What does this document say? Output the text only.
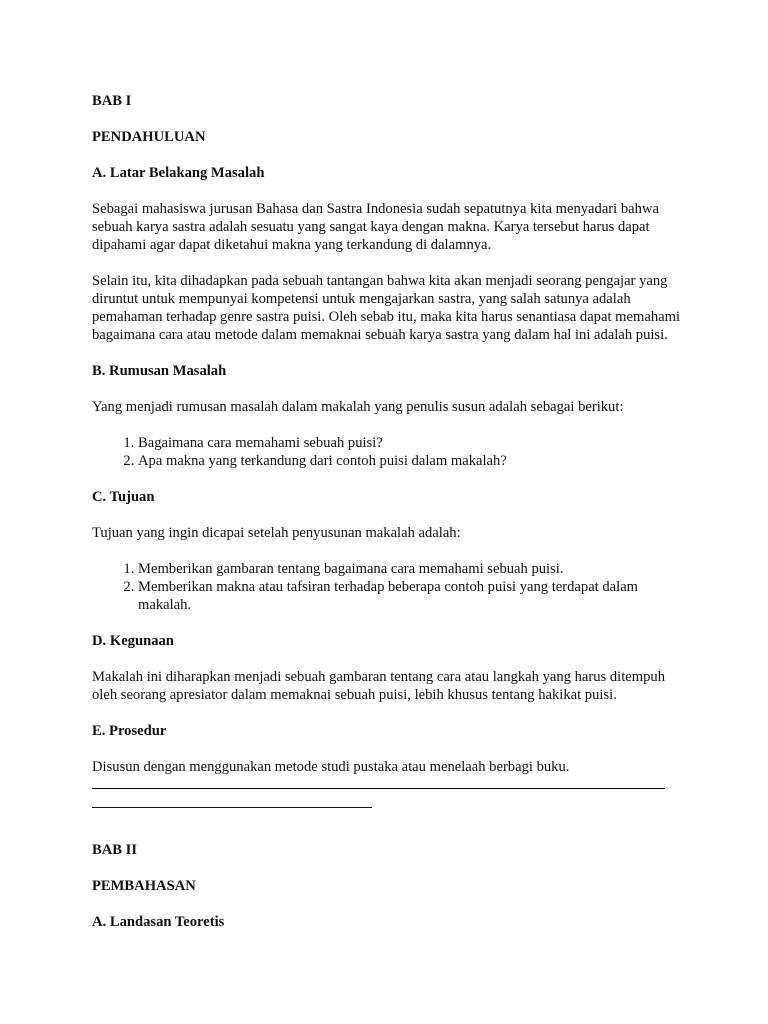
BAB I

PENDAHULUAN

A. Latar Belakang Masalah

Sebagai mahasiswa jurusan Bahasa dan Sastra Indonesia sudah sepatutnya kita menyadari bahwa sebuah karya sastra adalah sesuatu yang sangat kaya dengan makna. Karya tersebut harus dapat dipahami agar dapat diketahui makna yang terkandung di dalamnya.

Selain itu, kita dihadapkan pada sebuah tantangan bahwa kita akan menjadi seorang pengajar yang diruntut untuk mempunyai kompetensi untuk mengajarkan sastra, yang salah satunya adalah pemahaman terhadap genre sastra puisi. Oleh sebab itu, maka kita harus senantiasa dapat memahami bagaimana cara atau metode dalam memaknai sebuah karya sastra yang dalam hal ini adalah puisi.

B. Rumusan Masalah

Yang menjadi rumusan masalah dalam makalah yang penulis susun adalah sebagai berikut:

1. Bagaimana cara memahami sebuah puisi?
2. Apa makna yang terkandung dari contoh puisi dalam makalah?

C. Tujuan

Tujuan yang ingin dicapai setelah penyusunan makalah adalah:

1. Memberikan gambaran tentang bagaimana cara memahami sebuah puisi.
2. Memberikan makna atau tafsiran terhadap beberapa contoh puisi yang terdapat dalam makalah.

D. Kegunaan

Makalah ini diharapkan menjadi sebuah gambaran tentang cara atau langkah yang harus ditempuh oleh seorang apresiator dalam memaknai sebuah puisi, lebih khusus tentang hakikat puisi.

E. Prosedur

Disusun dengan menggunakan metode studi pustaka atau menelaah berbagi buku.

BAB II

PEMBAHASAN

A. Landasan Teoretis
